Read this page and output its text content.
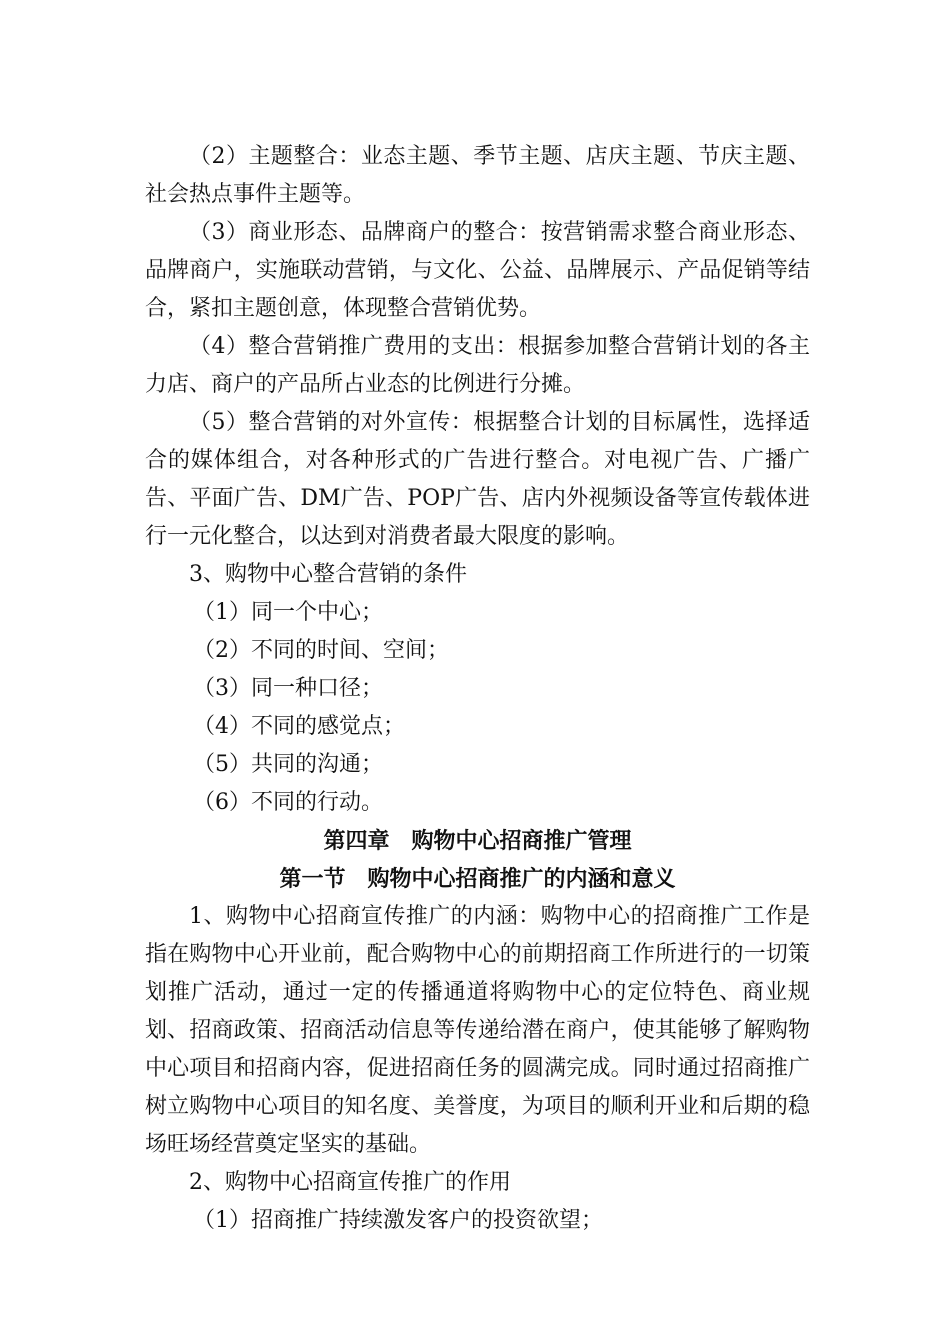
（2）主题整合：业态主题、季节主题、店庆主题、节庆主题、社会热点事件主题等。

（3）商业形态、品牌商户的整合：按营销需求整合商业形态、品牌商户，实施联动营销，与文化、公益、品牌展示、产品促销等结合，紧扣主题创意，体现整合营销优势。

（4）整合营销推广费用的支出：根据参加整合营销计划的各主力店、商户的产品所占业态的比例进行分摊。

（5）整合营销的对外宣传：根据整合计划的目标属性，选择适合的媒体组合，对各种形式的广告进行整合。对电视广告、广播广告、平面广告、DM广告、POP广告、店内外视频设备等宣传载体进行一元化整合，以达到对消费者最大限度的影响。

3、购物中心整合营销的条件

（1）同一个中心；

（2）不同的时间、空间；

（3）同一种口径；

（4）不同的感觉点；

（5）共同的沟通；

（6）不同的行动。

第四章　购物中心招商推广管理

第一节　购物中心招商推广的内涵和意义

1、购物中心招商宣传推广的内涵：购物中心的招商推广工作是指在购物中心开业前，配合购物中心的前期招商工作所进行的一切策划推广活动，通过一定的传播通道将购物中心的定位特色、商业规划、招商政策、招商活动信息等传递给潜在商户，使其能够了解购物中心项目和招商内容，促进招商任务的圆满完成。同时通过招商推广树立购物中心项目的知名度、美誉度，为项目的顺利开业和后期的稳场旺场经营奠定坚实的基础。

2、购物中心招商宣传推广的作用

（1）招商推广持续激发客户的投资欲望；
